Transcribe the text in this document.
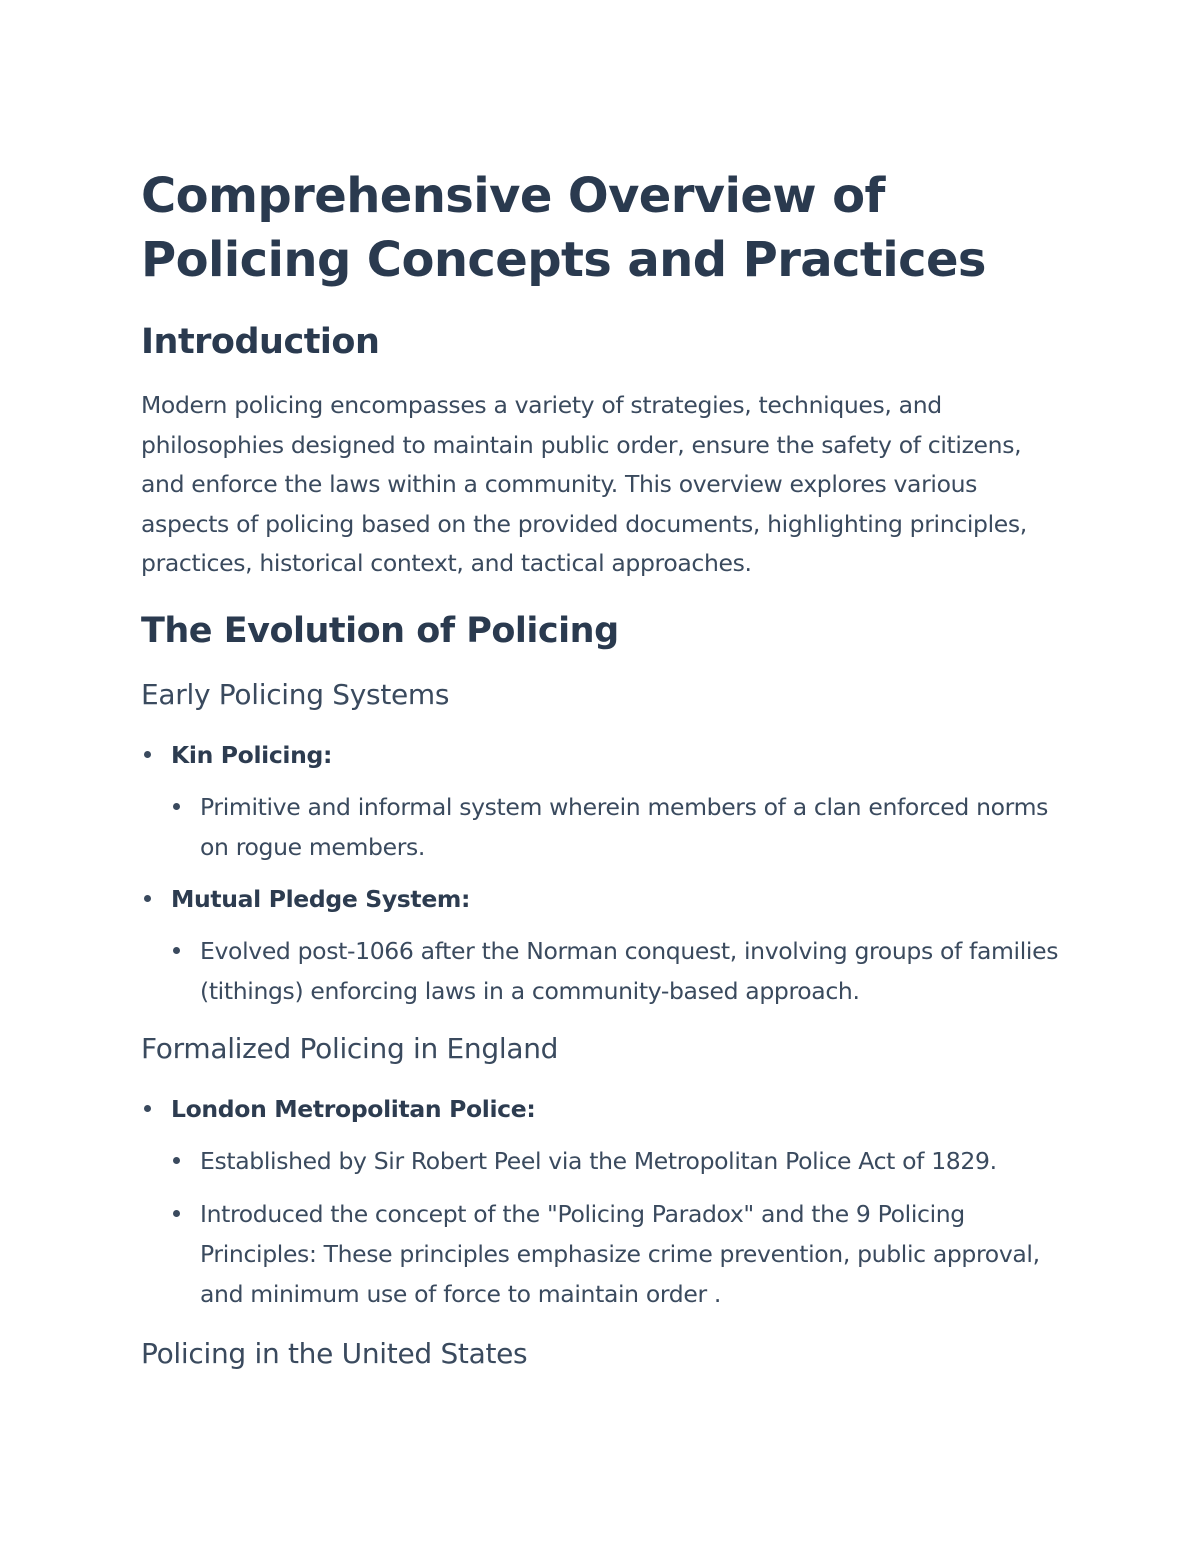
Comprehensive Overview of Policing Concepts and Practices
Introduction

Modern policing encompasses a variety of strategies, techniques, and philosophies designed to maintain public order, ensure the safety of citizens, and enforce the laws within a community. This overview explores various aspects of policing based on the provided documents, highlighting principles, practices, historical context, and tactical approaches.

The Evolution of Policing
Early Policing Systems
Kin Policing:
Primitive and informal system wherein members of a clan enforced norms on rogue members.
Mutual Pledge System:
Evolved post-1066 after the Norman conquest, involving groups of families (tithings) enforcing laws in a community-based approach.
Formalized Policing in England
London Metropolitan Police:
Established by Sir Robert Peel via the Metropolitan Police Act of 1829.
Introduced the concept of the "Policing Paradox" and the 9 Policing Principles: These principles emphasize crime prevention, public approval, and minimum use of force to maintain order .
Policing in the United States
